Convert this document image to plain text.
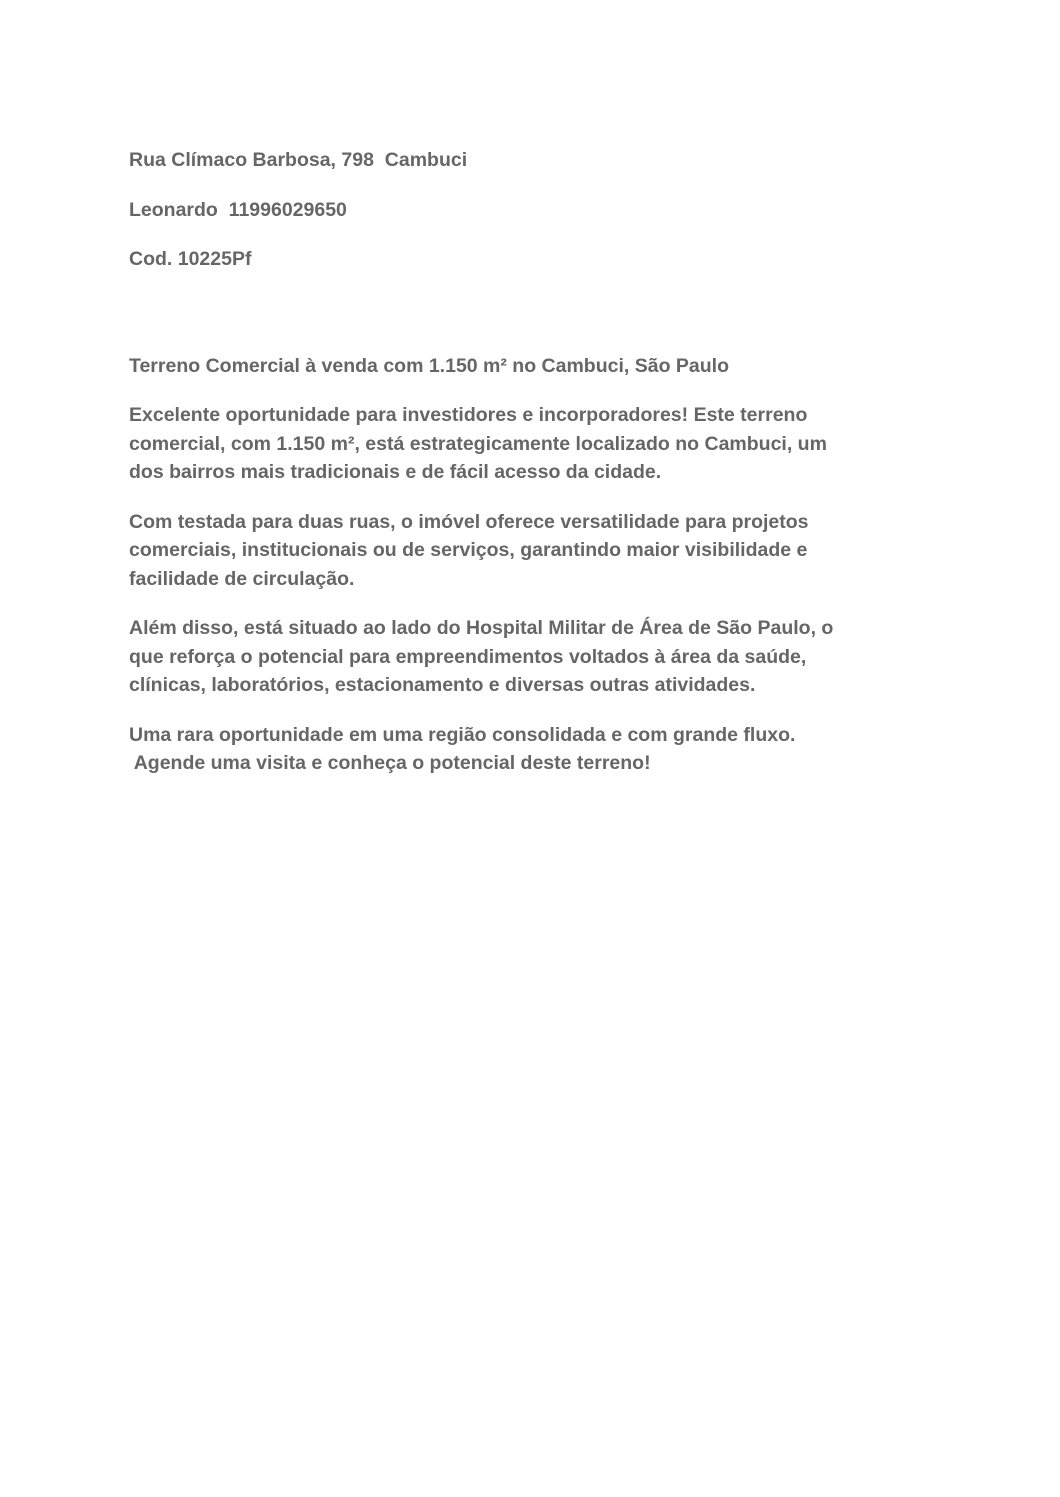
Rua Clímaco Barbosa, 798  Cambuci

Leonardo  11996029650

Cod. 10225Pf

Terreno Comercial à venda com 1.150 m² no Cambuci, São Paulo

Excelente oportunidade para investidores e incorporadores! Este terreno
comercial, com 1.150 m², está estrategicamente localizado no Cambuci, um
dos bairros mais tradicionais e de fácil acesso da cidade.

Com testada para duas ruas, o imóvel oferece versatilidade para projetos
comerciais, institucionais ou de serviços, garantindo maior visibilidade e
facilidade de circulação.

Além disso, está situado ao lado do Hospital Militar de Área de São Paulo, o
que reforça o potencial para empreendimentos voltados à área da saúde,
clínicas, laboratórios, estacionamento e diversas outras atividades.

Uma rara oportunidade em uma região consolidada e com grande fluxo.
Agende uma visita e conheça o potencial deste terreno!
